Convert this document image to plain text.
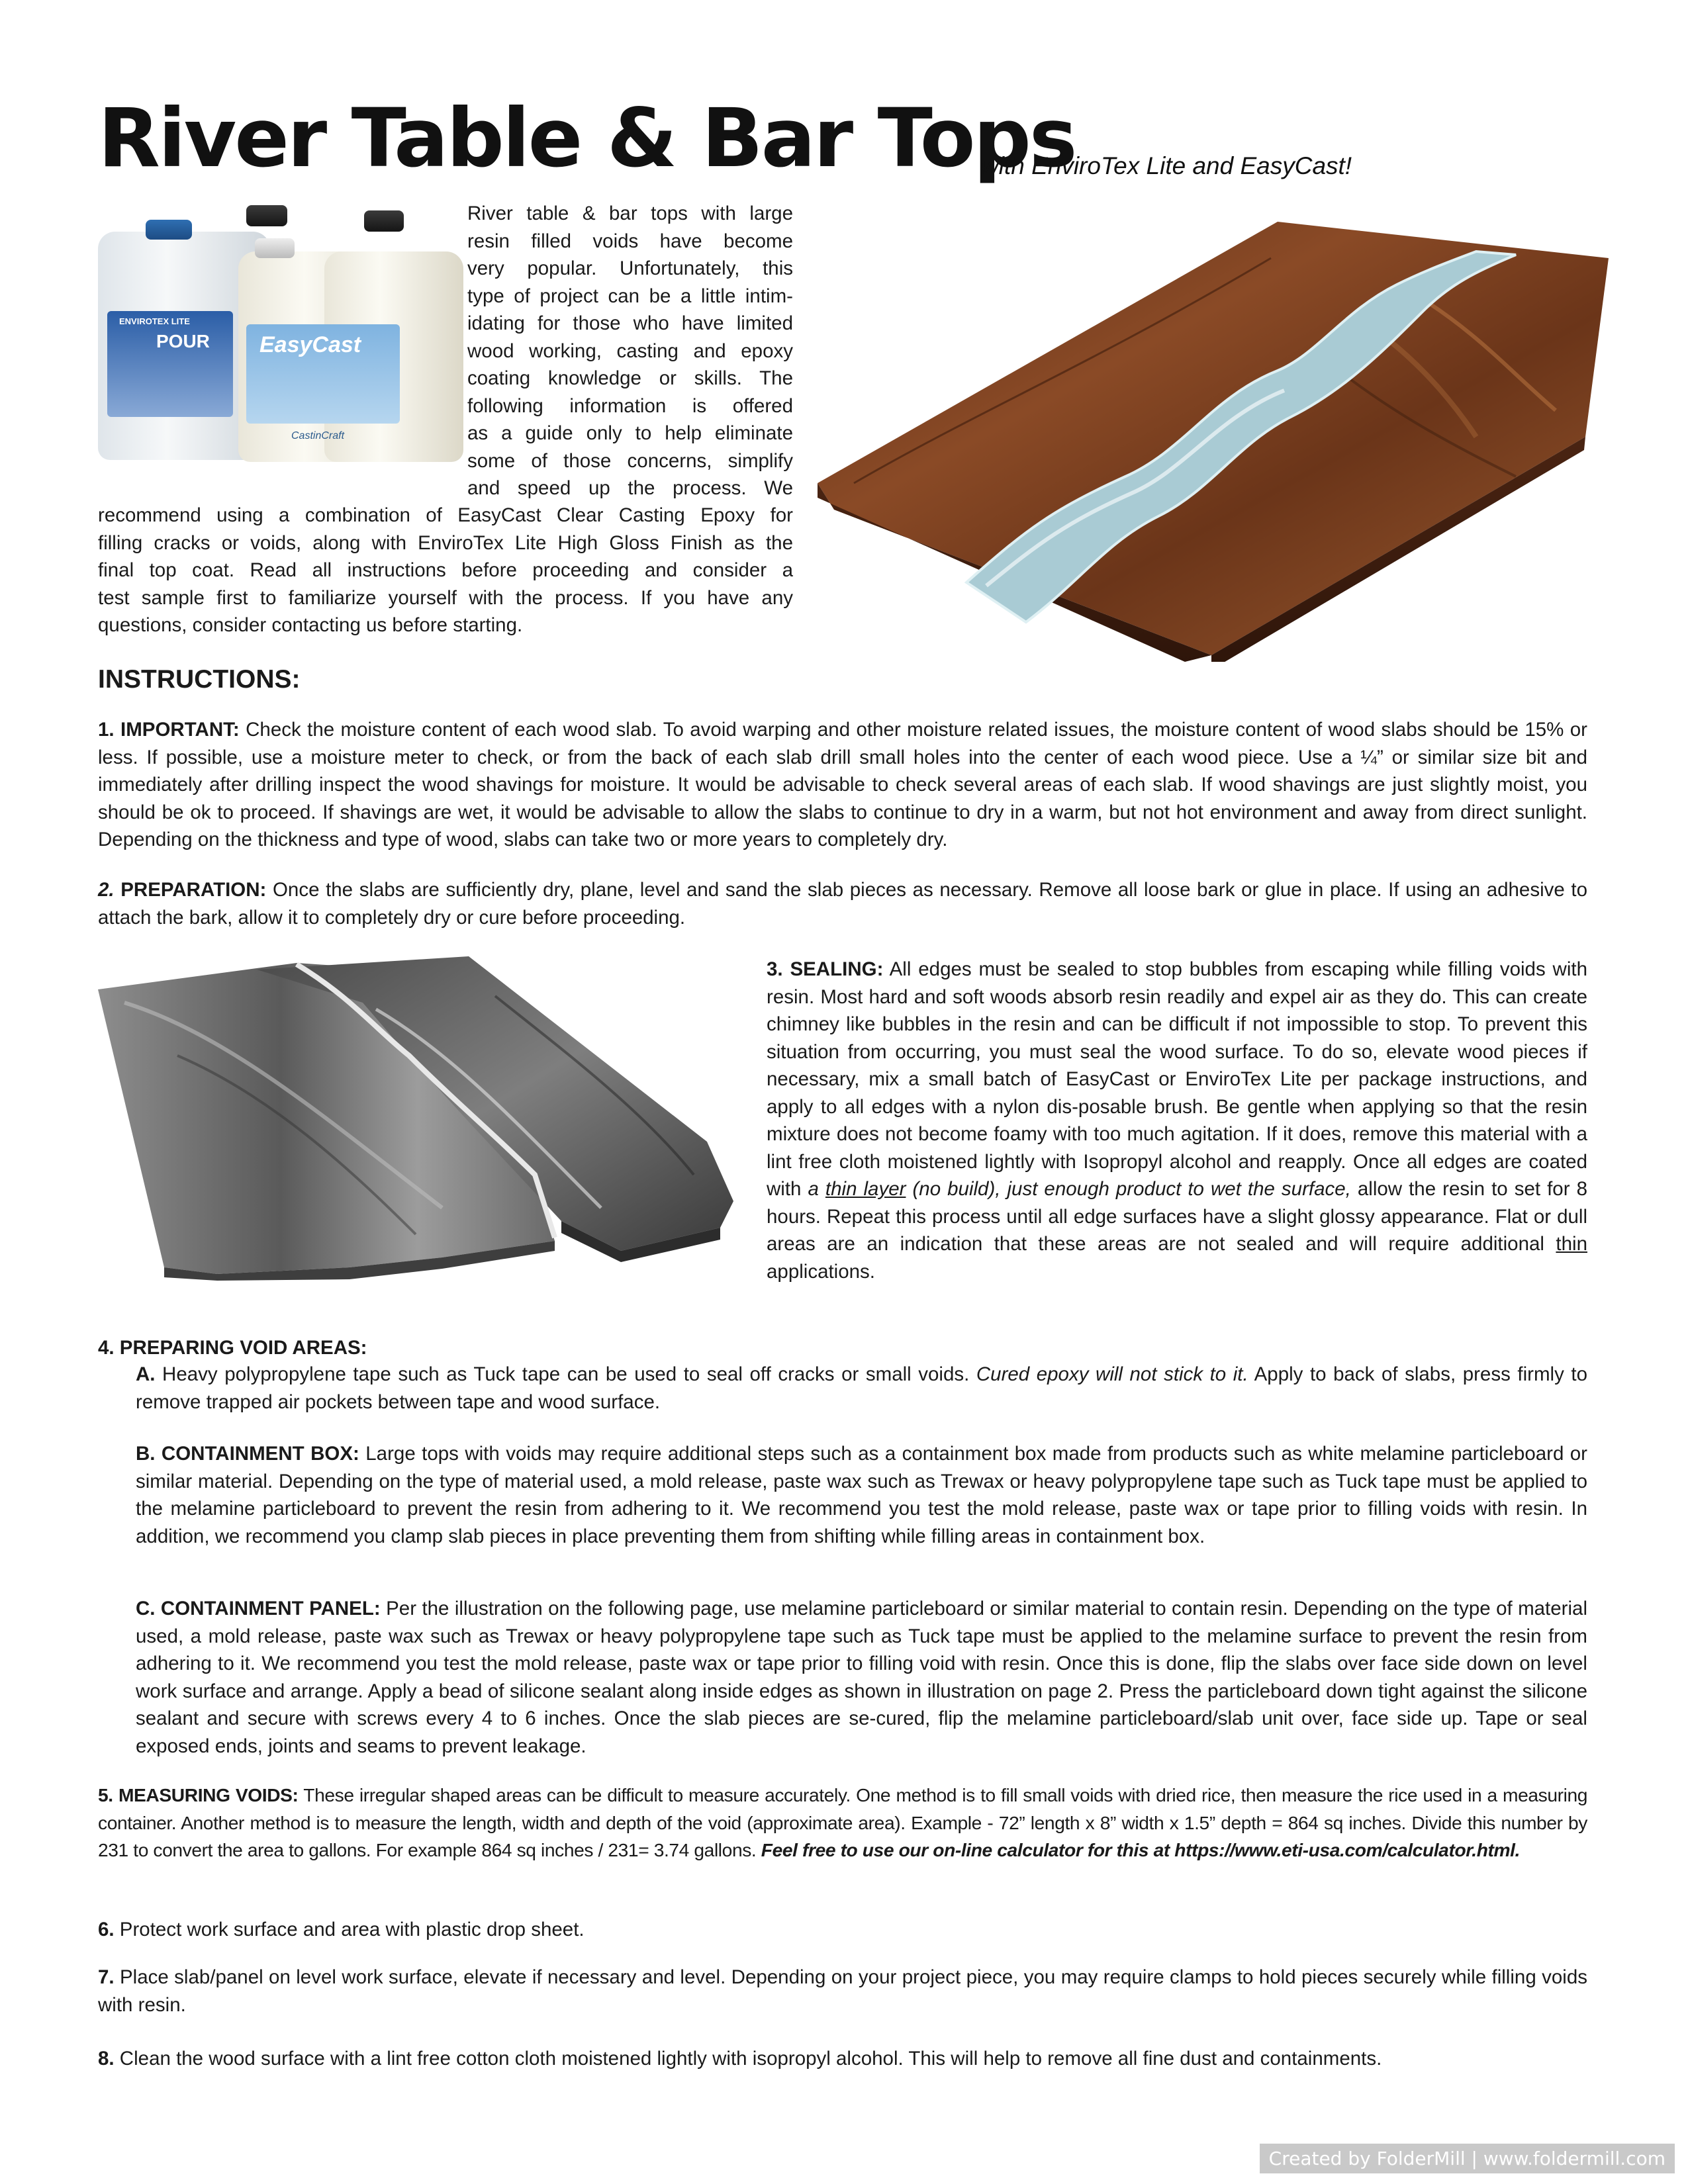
River Table & Bar Tops
with EnviroTex Lite and EasyCast!
ENVIROTEX LITE
POUR EasyCast
CastinCraft
River table & bar tops with large
resin filled voids have become
very popular. Unfortunately, this
type of project can be a little intim-
idating for those who have limited
wood working, casting and epoxy
coating knowledge or skills. The
following information is offered
as a guide only to help eliminate
some of those concerns, simplify
and speed up the process. We
recommend using a combination of EasyCast Clear Casting Epoxy for
filling cracks or voids, along with EnviroTex Lite High Gloss Finish as the
final top coat. Read all instructions before proceeding and consider a
test sample first to familiarize yourself with the process. If you have any
questions, consider contacting us before starting.
INSTRUCTIONS:

1. IMPORTANT: Check the moisture content of each wood slab. To avoid warping and other moisture related issues, the moisture content of wood slabs should be 15% or less. If possible, use a moisture meter to check, or from the back of each slab drill small holes into the center of each wood piece. Use a ¼” or similar size bit and immediately after drilling inspect the wood shavings for moisture. It would be advisable to check several areas of each slab. If wood shavings are just slightly moist, you should be ok to proceed. If shavings are wet, it would be advisable to allow the slabs to continue to dry in a warm, but not hot environment and away from direct sunlight. Depending on the thickness and type of wood, slabs can take two or more years to completely dry.

2. PREPARATION: Once the slabs are sufficiently dry, plane, level and sand the slab pieces as necessary. Remove all loose bark or glue in place. If using an adhesive to attach the bark, allow it to completely dry or cure before proceeding.

3. SEALING: All edges must be sealed to stop bubbles from escaping while filling voids with resin. Most hard and soft woods absorb resin readily and expel air as they do. This can create chimney like bubbles in the resin and can be difficult if not impossible to stop. To prevent this situation from occurring, you must seal the wood surface. To do so, elevate wood pieces if necessary, mix a small batch of EasyCast or EnviroTex Lite per package instructions, and apply to all edges with a nylon dis-posable brush. Be gentle when applying so that the resin mixture does not become foamy with too much agitation. If it does, remove this material with a lint free cloth moistened lightly with Isopropyl alcohol and reapply. Once all edges are coated with a thin layer (no build), just enough product to wet the surface, allow the resin to set for 8 hours. Repeat this process until all edge surfaces have a slight glossy appearance. Flat or dull areas are an indication that these areas are not sealed and will require additional thin applications.

4. PREPARING VOID AREAS:

A. Heavy polypropylene tape such as Tuck tape can be used to seal off cracks or small voids. Cured epoxy will not stick to it. Apply to back of slabs, press firmly to remove trapped air pockets between tape and wood surface.

B. CONTAINMENT BOX: Large tops with voids may require additional steps such as a containment box made from products such as white melamine particleboard or similar material. Depending on the type of material used, a mold release, paste wax such as Trewax or heavy polypropylene tape such as Tuck tape must be applied to the melamine particleboard to prevent the resin from adhering to it. We recommend you test the mold release, paste wax or tape prior to filling voids with resin. In addition, we recommend you clamp slab pieces in place preventing them from shifting while filling areas in containment box.

C. CONTAINMENT PANEL: Per the illustration on the following page, use melamine particleboard or similar material to contain resin. Depending on the type of material used, a mold release, paste wax such as Trewax or heavy polypropylene tape such as Tuck tape must be applied to the melamine surface to prevent the resin from adhering to it. We recommend you test the mold release, paste wax or tape prior to filling void with resin. Once this is done, flip the slabs over face side down on level work surface and arrange. Apply a bead of silicone sealant along inside edges as shown in illustration on page 2. Press the particleboard down tight against the silicone sealant and secure with screws every 4 to 6 inches. Once the slab pieces are se-cured, flip the melamine particleboard/slab unit over, face side up. Tape or seal exposed ends, joints and seams to prevent leakage.

5. MEASURING VOIDS: These irregular shaped areas can be difficult to measure accurately. One method is to fill small voids with dried rice, then measure the rice used in a measuring container. Another method is to measure the length, width and depth of the void (approximate area). Example - 72” length x 8” width x 1.5” depth = 864 sq inches. Divide this number by 231 to convert the area to gallons. For example 864 sq inches / 231= 3.74 gallons. Feel free to use our on-line calculator for this at https://www.eti-usa.com/calculator.html.

6. Protect work surface and area with plastic drop sheet.

7. Place slab/panel on level work surface, elevate if necessary and level. Depending on your project piece, you may require clamps to hold pieces securely while filling voids with resin.

8. Clean the wood surface with a lint free cotton cloth moistened lightly with isopropyl alcohol. This will help to remove all fine dust and containments.

Created by FolderMill | www.foldermill.com
